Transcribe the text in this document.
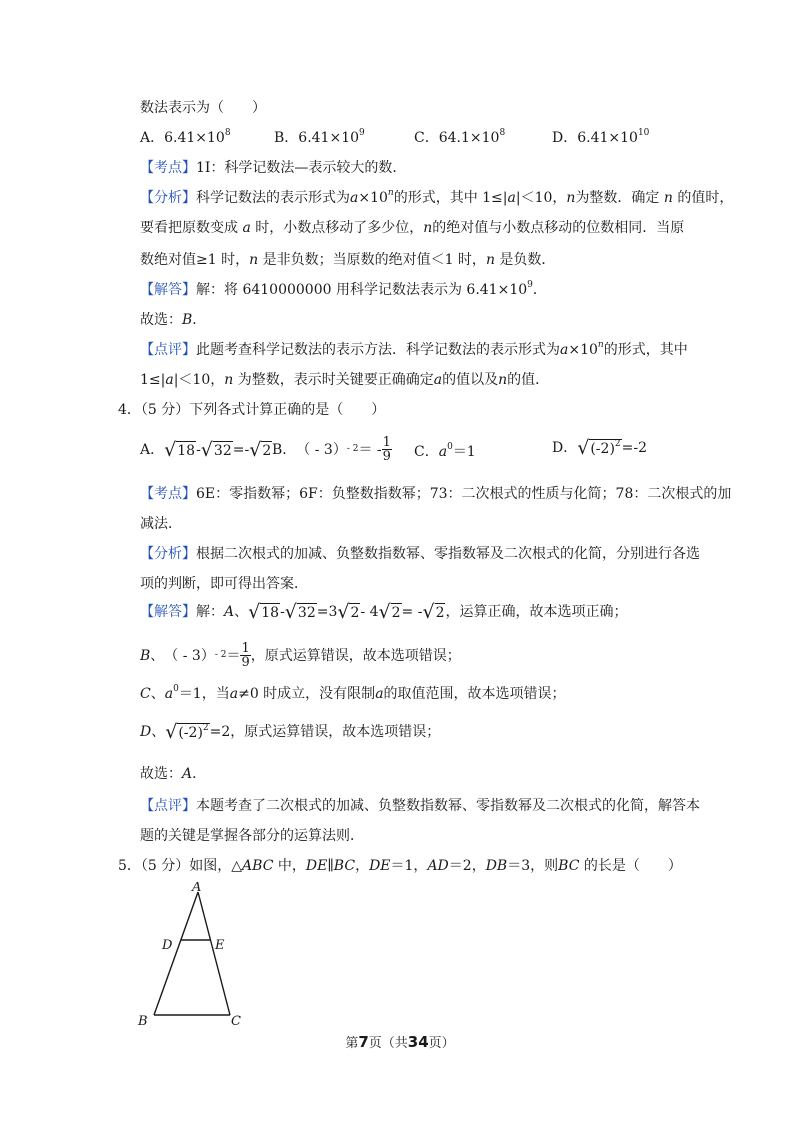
数法表示为（　　）
A．$6.41\times 10^8$	B．$6.41\times 10^9$	C．$64.1\times 10^8$	D．$6.41\times 10^{10}$
【考点】1I：科学记数法—表示较大的数．
【分析】科学记数法的表示形式为$a\times 10^n$的形式，其中 1≤|a|＜10，n为整数．确定 n 的值时，
要看把原数变成 a 时，小数点移动了多少位，n的绝对值与小数点移动的位数相同．当原
数绝对值≥1 时，n 是非负数；当原数的绝对值＜1 时，n 是负数．
【解答】解：将 6410000000 用科学记数法表示为 $6.41\times 10^9$．
故选：B．
【点评】此题考查科学记数法的表示方法．科学记数法的表示形式为$a\times 10^n$的形式，其中
1≤|a|＜10，n 为整数，表示时关键要正确确定a的值以及n的值．
4．（5 分）下列各式计算正确的是（　　）
A． √ 18 - √ 32 = - √ 2 B． （ - 3） $^{- 2}$ ＝ - $\frac{1}{9}$ C．$a^0=1$	D． √ $(-2)^2 =-2$
【考点】6E：零指数幂；6F：负整数指数幂；73：二次根式的性质与化简；78：二次根式的加
减法．
【分析】根据二次根式的加减、负整数指数幂、零指数幂及二次根式的化简，分别进行各选
项的判断，即可得出答案．
【解答】 解： A 、 √ 18 - √ 32 =3 √ 2 - 4 √ 2 = - √ 2 ，运算正确，故本选项正确；
B 、 （ - 3） $^{- 2} = \frac{1}{9}$ ，原式运算错误，故本选项错误；
C、$a^0=1$，当a≠0 时成立，没有限制a的取值范围，故本选项错误；
D 、 √ $(-2)^2 =2$，原式运算错误，故本选项错误；
故选：A．
【点评】本题考查了二次根式的加减、负整数指数幂、零指数幂及二次根式的化简，解答本
题的关键是掌握各部分的运算法则．
5．（5 分）如图，△ABC 中，DE∥BC，DE＝1，AD＝2，DB＝3，则BC 的长是（　　）
A
D	E
B	C
第7页（共34页）
